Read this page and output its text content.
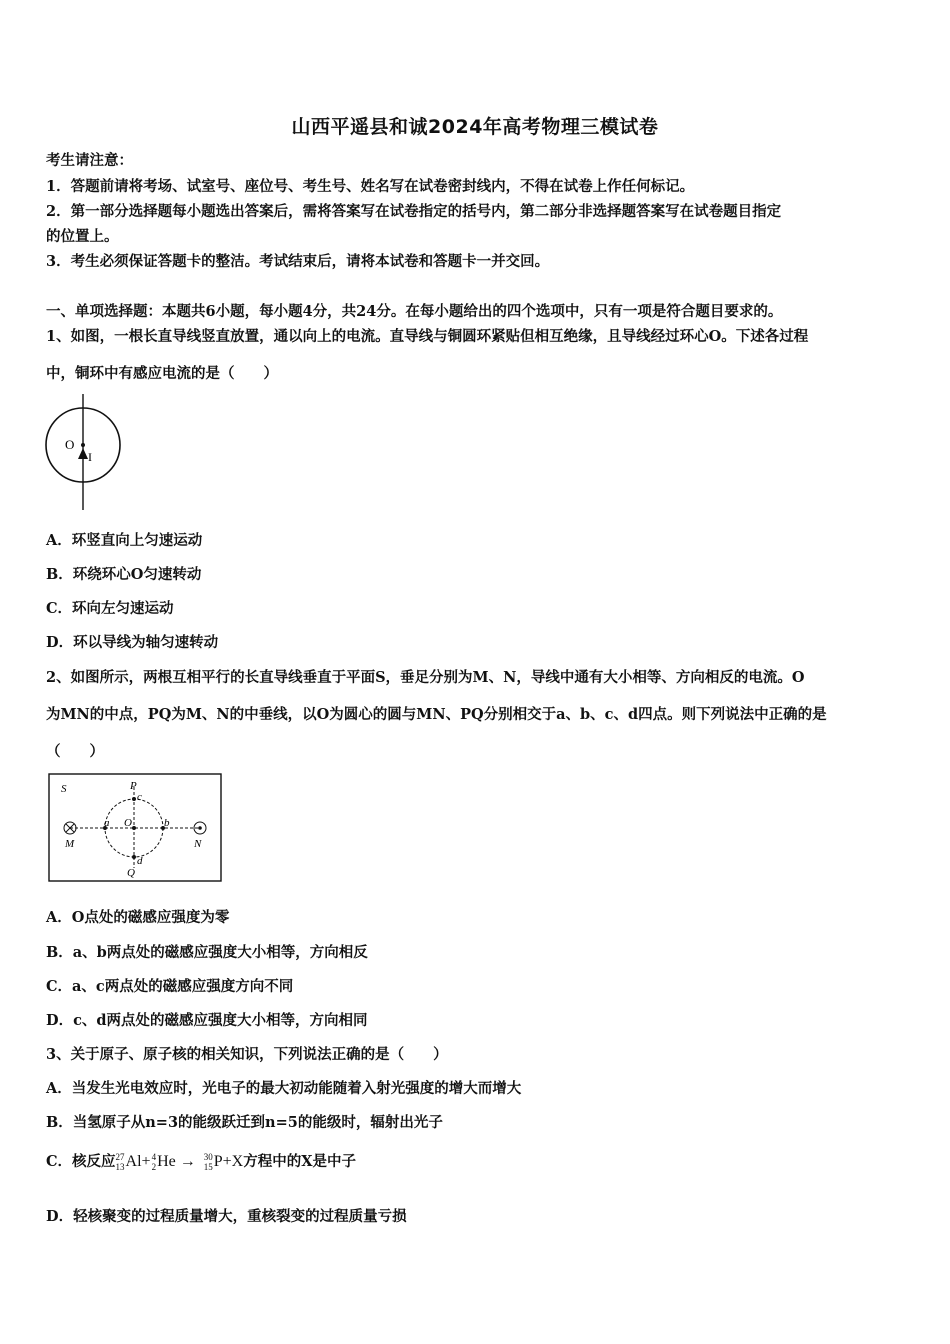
山西平遥县和诚2024年高考物理三模试卷
考生请注意：
1．答题前请将考场、试室号、座位号、考生号、姓名写在试卷密封线内，不得在试卷上作任何标记。
2．第一部分选择题每小题选出答案后，需将答案写在试卷指定的括号内，第二部分非选择题答案写在试卷题目指定
的位置上。
3．考生必须保证答题卡的整洁。考试结束后，请将本试卷和答题卡一并交回。
一、单项选择题：本题共6小题，每小题4分，共24分。在每小题给出的四个选项中，只有一项是符合题目要求的。
1、如图，一根长直导线竖直放置，通以向上的电流。直导线与铜圆环紧贴但相互绝缘，且导线经过环心O。下述各过程
中，铜环中有感应电流的是（　　）
O
I
A．环竖直向上匀速运动
B．环绕环心O匀速转动
C．环向左匀速运动
D．环以导线为轴匀速转动
2、如图所示，两根互相平行的长直导线垂直于平面S，垂足分别为M、N，导线中通有大小相等、方向相反的电流。O
为MN的中点，PQ为M、N的中垂线，以O为圆心的圆与MN、PQ分别相交于a、b、c、d四点。则下列说法中正确的是
（　　）
S
M	N
P
Q
O
a	b
c
d
A．O点处的磁感应强度为零
B．a、b两点处的磁感应强度大小相等，方向相反
C．a、c两点处的磁感应强度方向不同
D．c、d两点处的磁感应强度大小相等，方向相同
3、关于原子、原子核的相关知识，下列说法正确的是（　　）
A．当发生光电效应时，光电子的最大初动能随着入射光强度的增大而增大
B．当氢原子从n=3的能级跃迁到n=5的能级时，辐射出光子
C．核反应 27
13 Al+ 4
2 He → 30
15 P+X方程中的X是中子
D．轻核聚变的过程质量增大，重核裂变的过程质量亏损
